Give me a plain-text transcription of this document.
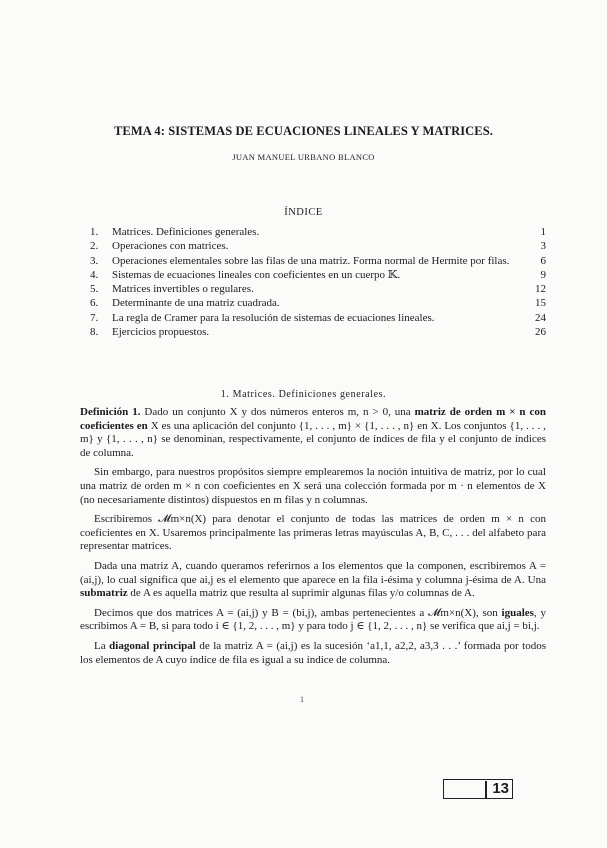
TEMA 4: SISTEMAS DE ECUACIONES LINEALES Y MATRICES.
JUAN MANUEL URBANO BLANCO
ÍNDICE
1.	Matrices. Definiciones generales.	1
2.	Operaciones con matrices.	3
3.	Operaciones elementales sobre las filas de una matriz. Forma normal de Hermite por filas.	6
4.	Sistemas de ecuaciones lineales con coeficientes en un cuerpo 𝕂.	9
5.	Matrices invertibles o regulares.	12
6.	Determinante de una matriz cuadrada.	15
7.	La regla de Cramer para la resolución de sistemas de ecuaciones lineales.	24
8.	Ejercicios propuestos.	26
1. Matrices. Definiciones generales.

Definición 1. Dado un conjunto X y dos números enteros m, n > 0, una matriz de orden m × n con coeficientes en X es una aplicación del conjunto {1, . . . , m} × {1, . . . , n} en X. Los conjuntos {1, . . . , m} y {1, . . . , n} se denominan, respectivamente, el conjunto de índices de fila y el conjunto de índices de columna.

Sin embargo, para nuestros propósitos siempre emplearemos la noción intuitiva de matriz, por lo cual una matriz de orden m × n con coeficientes en X será una colección formada por m · n elementos de X (no necesariamente distintos) dispuestos en m filas y n columnas.

Escribiremos 𝓜m×n(X) para denotar el conjunto de todas las matrices de orden m × n con coeficientes en X. Usaremos principalmente las primeras letras mayúsculas A, B, C, . . . del alfabeto para representar matrices.

Dada una matriz A, cuando queramos referirnos a los elementos que la componen, escribiremos A = (ai,j), lo cual significa que ai,j es el elemento que aparece en la fila i-ésima y columna j-ésima de A. Una submatriz de A es aquella matriz que resulta al suprimir algunas filas y/o columnas de A.

Decimos que dos matrices A = (ai,j) y B = (bi,j), ambas pertenecientes a 𝓜m×n(X), son iguales, y escribimos A = B, si para todo i ∈ {1, 2, . . . , m} y para todo j ∈ {1, 2, . . . , n} se verifica que ai,j = bi,j.

La diagonal principal de la matriz A = (ai,j) es la sucesión ‘a1,1, a2,2, a3,3 . . .’ formada por todos los elementos de A cuyo índice de fila es igual a su índice de columna.

1
13
